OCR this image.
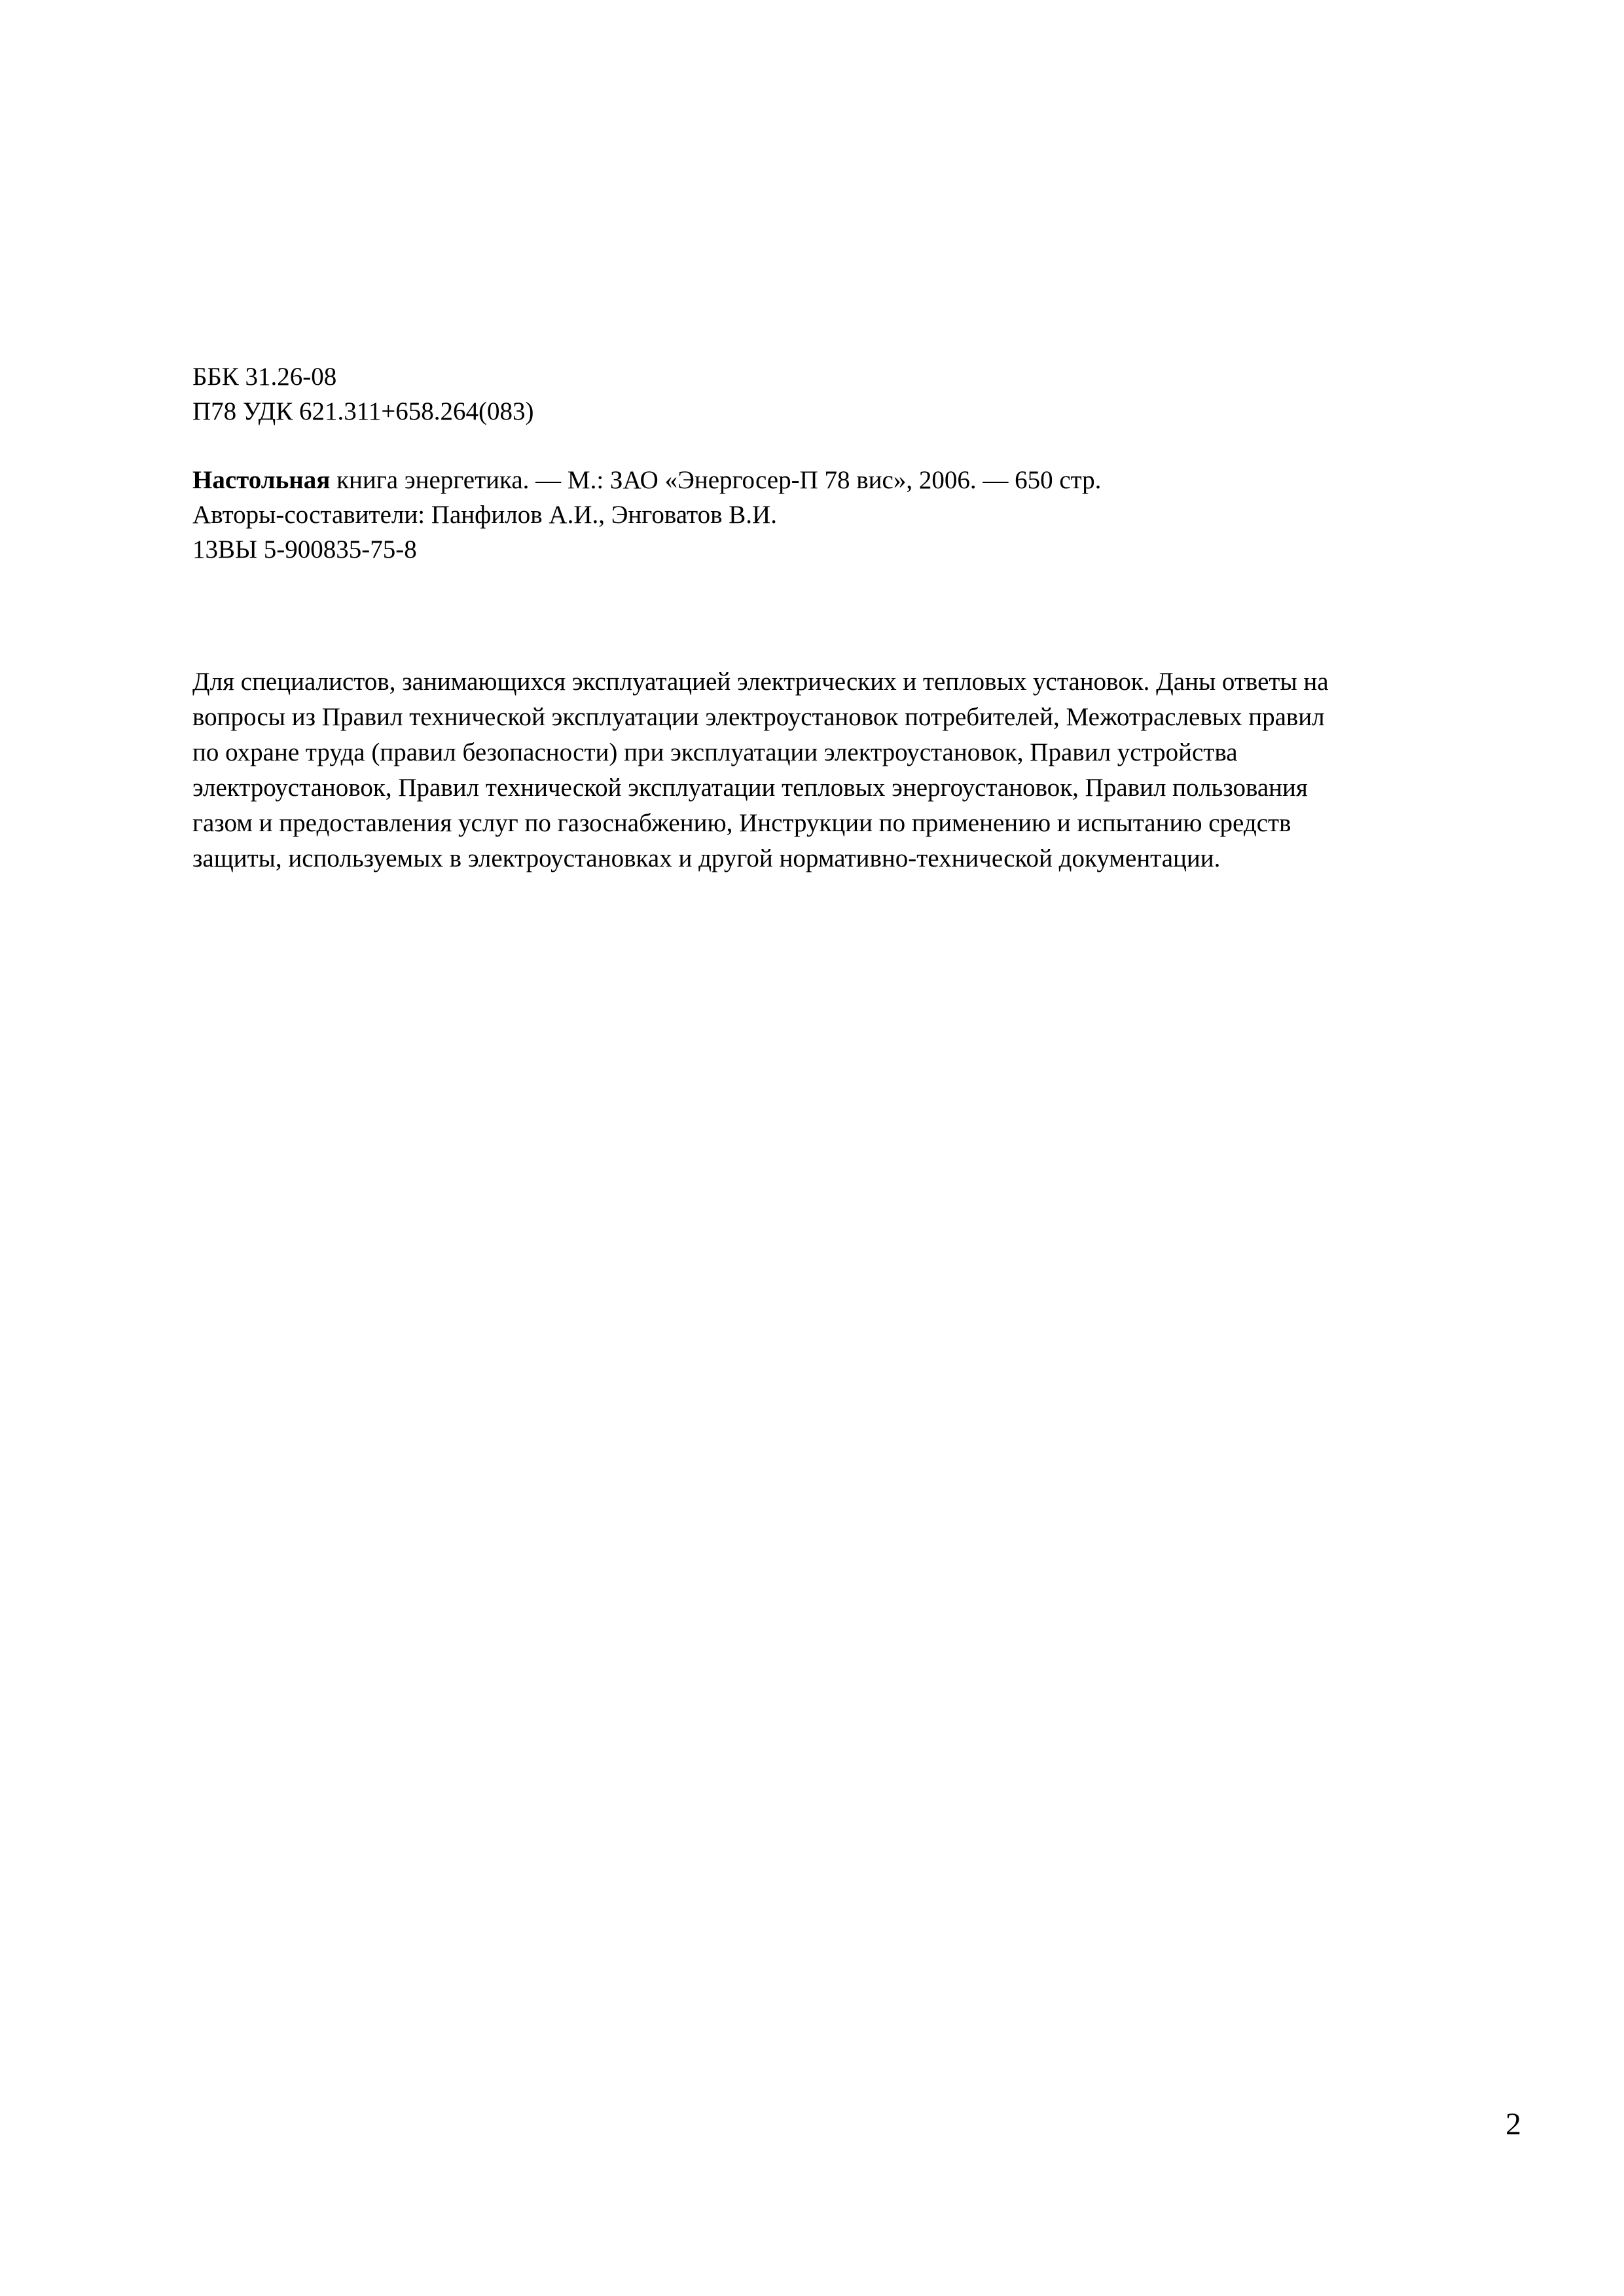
ББК 31.26-08
П78 УДК 621.311+658.264(083)
Настольная книга энергетика. — М.: ЗАО «Энергосер-П 78 вис», 2006. — 650 стр.
Авторы-составители: Панфилов А.И., Энговатов В.И.
13ВЫ 5-900835-75-8
Для специалистов, занимающихся эксплуатацией электрических и тепловых установок. Даны ответы на
вопросы из Правил технической эксплуатации электроустановок потребителей, Межотраслевых правил
по охране труда (правил безопасности) при эксплуатации электроустановок, Правил устройства
электроустановок, Правил технической эксплуатации тепловых энергоустановок, Правил пользования
газом и предоставления услуг по газоснабжению, Инструкции по применению и испытанию средств
защиты, используемых в электроустановках и другой нормативно-технической документации.
2
